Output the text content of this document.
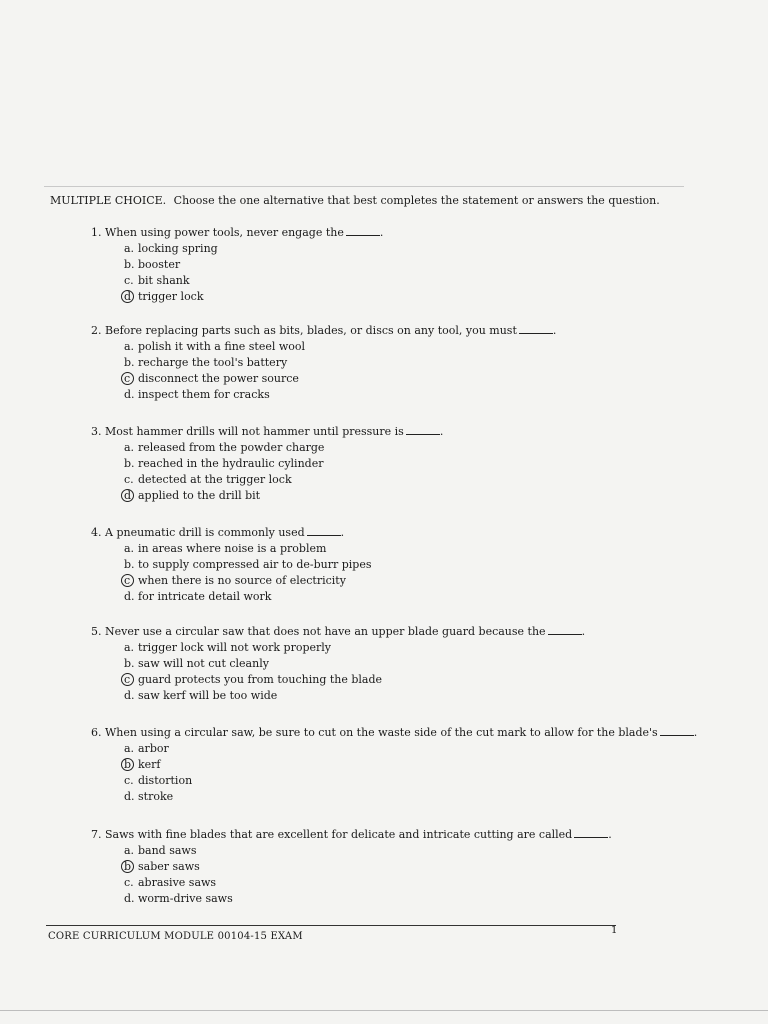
MULTIPLE CHOICE. Choose the one alternative that best completes the statement or answers the question.
1. When using power tools, never engage the	.
a. locking spring
b. booster
c. bit shank
d trigger lock
2. Before replacing parts such as bits, blades, or discs on any tool, you must	.
a. polish it with a fine steel wool
b. recharge the tool's battery
c disconnect the power source
d. inspect them for cracks
3. Most hammer drills will not hammer until pressure is	.
a. released from the powder charge
b. reached in the hydraulic cylinder
c. detected at the trigger lock
d applied to the drill bit
4. A pneumatic drill is commonly used	.
a. in areas where noise is a problem
b. to supply compressed air to de-burr pipes
c when there is no source of electricity
d. for intricate detail work
5. Never use a circular saw that does not have an upper blade guard because the	.
a. trigger lock will not work properly
b. saw will not cut cleanly
c guard protects you from touching the blade
d. saw kerf will be too wide
6. When using a circular saw, be sure to cut on the waste side of the cut mark to allow for the blade's	.
a. arbor
b kerf
c. distortion
d. stroke
7. Saws with fine blades that are excellent for delicate and intricate cutting are called	.
a. band saws
b saber saws
c. abrasive saws
d. worm-drive saws
CORE CURRICULUM MODULE 00104-15 EXAM
1
